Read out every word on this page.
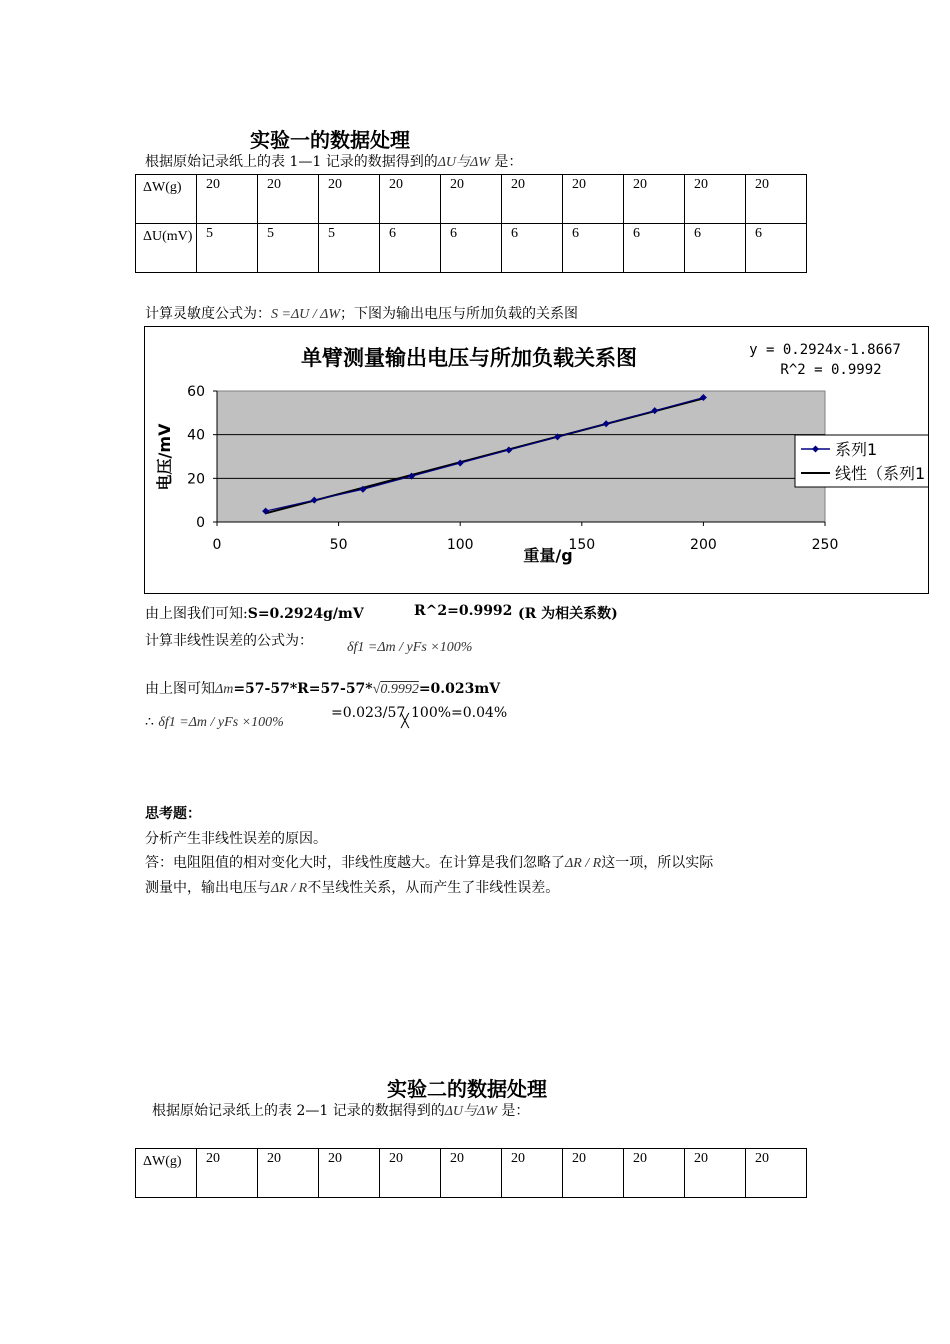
实验一的数据处理
根据原始记录纸上的表 1—1 记录的数据得到的ΔU与ΔW 是：
ΔW(g)	20	20	20	20	20	20	20	20	20	20
ΔU(mV)	5	5	5	6	6	6	6	6	6	6
计算灵敏度公式为：S =ΔU / ΔW；下图为输出电压与所加负载的关系图
0
20
40
60
0	50	100	150	200	250
单臂测量输出电压与所加负载关系图	y = 0.2924x-1.8667
R^2 = 0.9992
重量/g
电压/mV	系列1
线性（系列1
由上图我们可知:S=0.2924g/mV	R^2=0.9992 (R 为相关系数)
计算非线性误差的公式为： δf1 =Δm / yFs ×100%
由上图可知Δm=57-57*R=57-57*√0.9992=0.023mV
∴ δf1 =Δm / yFs ×100%
=0.023/57
╳
100%=0.04%
思考题：
分析产生非线性误差的原因。
答：电阻阻值的相对变化大时，非线性度越大。在计算是我们忽略了ΔR / R这一项，所以实际
测量中，输出电压与ΔR / R不呈线性关系，从而产生了非线性误差。
实验二的数据处理
根据原始记录纸上的表 2—1 记录的数据得到的ΔU与ΔW 是：
ΔW(g)	20	20	20	20	20	20	20	20	20	20
